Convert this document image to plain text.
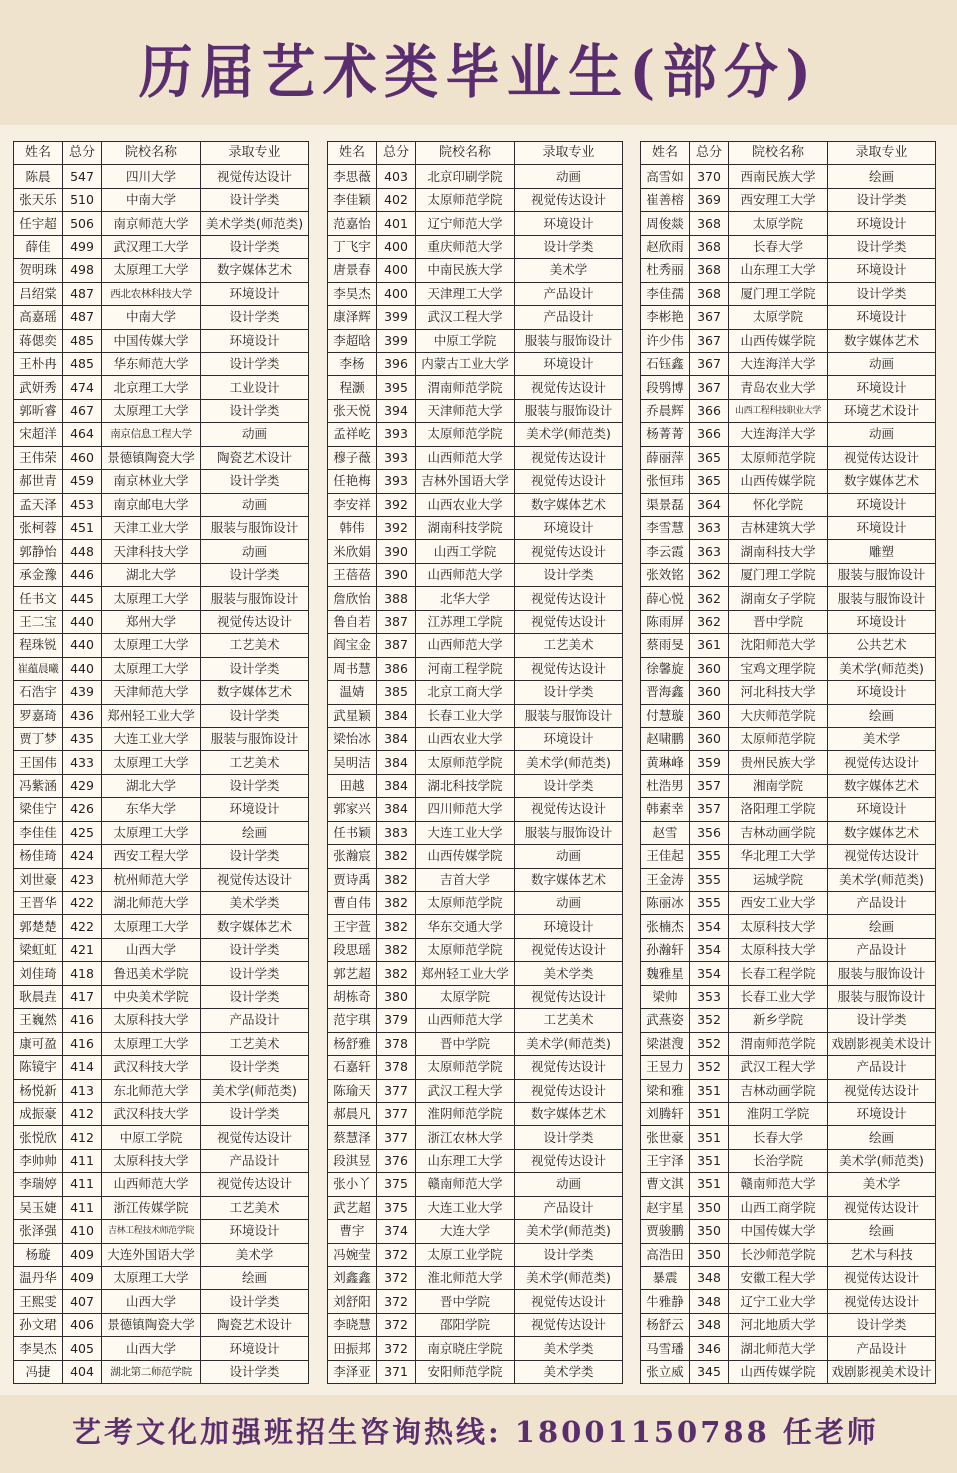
历届艺术类毕业生(部分)
姓名	总分	院校名称	录取专业
陈晨	547	四川大学	视觉传达设计
张天乐	510	中南大学	设计学类
任宇超	506	南京师范大学	美术学类(师范类)
薛佳	499	武汉理工大学	设计学类
贺明珠	498	太原理工大学	数字媒体艺术
吕绍棠	487	西北农林科技大学	环境设计
高嘉瑶	487	中南大学	设计学类
蒋偲奕	485	中国传媒大学	环境设计
王朴冉	485	华东师范大学	设计学类
武妍秀	474	北京理工大学	工业设计
郭昕睿	467	太原理工大学	设计学类
宋超洋	464	南京信息工程大学	动画
王伟荣	460	景德镇陶瓷大学	陶瓷艺术设计
郝世青	459	南京林业大学	设计学类
孟天泽	453	南京邮电大学	动画
张柯蓉	451	天津工业大学	服装与服饰设计
郭静怡	448	天津科技大学	动画
承金豫	446	湖北大学	设计学类
任书文	445	太原理工大学	服装与服饰设计
王二宝	440	郑州大学	视觉传达设计
程珠锐	440	太原理工大学	工艺美术
崔蕴晨曦	440	太原理工大学	设计学类
石浩宇	439	天津师范大学	数字媒体艺术
罗嘉琦	436	郑州轻工业大学	设计学类
贾丁梦	435	大连工业大学	服装与服饰设计
王国伟	433	太原理工大学	工艺美术
冯紫涵	429	湖北大学	设计学类
梁佳宁	426	东华大学	环境设计
李佳佳	425	太原理工大学	绘画
杨佳琦	424	西安工程大学	设计学类
刘世豪	423	杭州师范大学	视觉传达设计
王晋华	422	湖北师范大学	美术学类
郭楚楚	422	太原理工大学	数字媒体艺术
梁虹虹	421	山西大学	设计学类
刘佳琦	418	鲁迅美术学院	设计学类
耿晨垚	417	中央美术学院	设计学类
王巍然	416	太原科技大学	产品设计
康可盈	416	太原理工大学	工艺美术
陈镜宇	414	武汉科技大学	设计学类
杨悦新	413	东北师范大学	美术学(师范类)
成振豪	412	武汉科技大学	设计学类
张悦欣	412	中原工学院	视觉传达设计
李帅帅	411	太原科技大学	产品设计
李瑞婷	411	山西师范大学	视觉传达设计
吴玉婕	411	浙江传媒学院	工艺美术
张泽强	410	吉林工程技术师范学院	环境设计
杨璇	409	大连外国语大学	美术学
温丹华	409	太原理工大学	绘画
王熙雯	407	山西大学	设计学类
孙文珺	406	景德镇陶瓷大学	陶瓷艺术设计
李昊杰	405	山西大学	环境设计
冯捷	404	湖北第二师范学院	设计学类
姓名	总分	院校名称	录取专业
李思薇	403	北京印刷学院	动画
李佳颖	402	太原师范学院	视觉传达设计
范嘉怡	401	辽宁师范大学	环境设计
丁飞宇	400	重庆师范大学	设计学类
唐景春	400	中南民族大学	美术学
李昊杰	400	天津理工大学	产品设计
康泽辉	399	武汉工程大学	产品设计
李超晗	399	中原工学院	服装与服饰设计
李杨	396	内蒙古工业大学	环境设计
程灏	395	渭南师范学院	视觉传达设计
张天悦	394	天津师范大学	服装与服饰设计
孟祥屹	393	太原师范学院	美术学(师范类)
穆子薇	393	山西师范大学	视觉传达设计
任艳梅	393	吉林外国语大学	视觉传达设计
李安祥	392	山西农业大学	数字媒体艺术
韩伟	392	湖南科技学院	环境设计
米欣娟	390	山西工学院	视觉传达设计
王蓓蓓	390	山西师范大学	设计学类
詹欣怡	388	北华大学	视觉传达设计
鲁自若	387	江苏理工学院	视觉传达设计
阎宝金	387	山西师范大学	工艺美术
周书慧	386	河南工程学院	视觉传达设计
温婧	385	北京工商大学	设计学类
武星颖	384	长春工业大学	服装与服饰设计
梁怡冰	384	山西农业大学	环境设计
吴明洁	384	太原师范学院	美术学(师范类)
田越	384	湖北科技学院	设计学类
郭家兴	384	四川师范大学	视觉传达设计
任书颖	383	大连工业大学	服装与服饰设计
张瀚宸	382	山西传媒学院	动画
贾诗禹	382	吉首大学	数字媒体艺术
曹自伟	382	太原师范学院	动画
王宇萱	382	华东交通大学	环境设计
段思瑶	382	太原师范学院	视觉传达设计
郭艺超	382	郑州轻工业大学	美术学类
胡栋奇	380	太原学院	视觉传达设计
范宇琪	379	山西师范大学	工艺美术
杨舒雅	378	晋中学院	美术学(师范类)
石嘉轩	378	太原师范学院	视觉传达设计
陈瑜天	377	武汉工程大学	视觉传达设计
郝晨凡	377	淮阴师范学院	数字媒体艺术
蔡慧泽	377	浙江农林大学	设计学类
段淇昱	376	山东理工大学	视觉传达设计
张小丫	375	赣南师范大学	动画
武艺超	375	大连工业大学	产品设计
曹宇	374	大连大学	美术学(师范类)
冯婉莹	372	太原工业学院	设计学类
刘鑫鑫	372	淮北师范大学	美术学(师范类)
刘舒阳	372	晋中学院	视觉传达设计
李晓慧	372	邵阳学院	视觉传达设计
田振邦	372	南京晓庄学院	美术学类
李泽亚	371	安阳师范学院	美术学类
姓名	总分	院校名称	录取专业
高雪如	370	西南民族大学	绘画
崔善榕	369	西安理工大学	设计学类
周俊燚	368	太原学院	环境设计
赵欣雨	368	长春大学	设计学类
杜秀丽	368	山东理工大学	环境设计
李佳孺	368	厦门理工学院	设计学类
李彬艳	367	太原学院	环境设计
许少伟	367	山西传媒学院	数字媒体艺术
石钰鑫	367	大连海洋大学	动画
段鸮博	367	青岛农业大学	环境设计
乔晨辉	366	山西工程科技职业大学	环境艺术设计
杨菁菁	366	大连海洋大学	动画
薛丽萍	365	太原师范学院	视觉传达设计
张恒玮	365	山西传媒学院	数字媒体艺术
渠景磊	364	怀化学院	环境设计
李雪慧	363	吉林建筑大学	环境设计
李云霞	363	湖南科技大学	雕塑
张效铭	362	厦门理工学院	服装与服饰设计
薛心悦	362	湖南女子学院	服装与服饰设计
陈雨屏	362	晋中学院	环境设计
蔡雨旻	361	沈阳师范大学	公共艺术
徐馨旋	360	宝鸡文理学院	美术学(师范类)
晋海鑫	360	河北科技大学	环境设计
付慧璇	360	大庆师范学院	绘画
赵啸鹏	360	太原师范学院	美术学
黄琳峰	359	贵州民族大学	视觉传达设计
杜浩男	357	湘南学院	数字媒体艺术
韩素幸	357	洛阳理工学院	环境设计
赵雪	356	吉林动画学院	数字媒体艺术
王佳起	355	华北理工大学	视觉传达设计
王金涛	355	运城学院	美术学(师范类)
陈丽冰	355	西安工业大学	产品设计
张楠杰	354	太原科技大学	绘画
孙瀚轩	354	太原科技大学	产品设计
魏雅星	354	长春工程学院	服装与服饰设计
梁帅	353	长春工业大学	服装与服饰设计
武燕姿	352	新乡学院	设计学类
梁湛溲	352	渭南师范学院	戏剧影视美术设计
王昱力	352	武汉工程大学	产品设计
梁和雅	351	吉林动画学院	视觉传达设计
刘腾轩	351	淮阴工学院	环境设计
张世豪	351	长春大学	绘画
王宇泽	351	长治学院	美术学(师范类)
曹文淇	351	赣南师范大学	美术学
赵宇星	350	山西工商学院	视觉传达设计
贾骏鹏	350	中国传媒大学	绘画
高浩田	350	长沙师范学院	艺术与科技
暴震	348	安徽工程大学	视觉传达设计
牛雅静	348	辽宁工业大学	视觉传达设计
杨舒云	348	河北地质大学	设计学类
马雪璠	346	湖北师范大学	产品设计
张立威	345	山西传媒学院	戏剧影视美术设计
艺考文化加强班招生咨询热线: 18001150788 任老师
